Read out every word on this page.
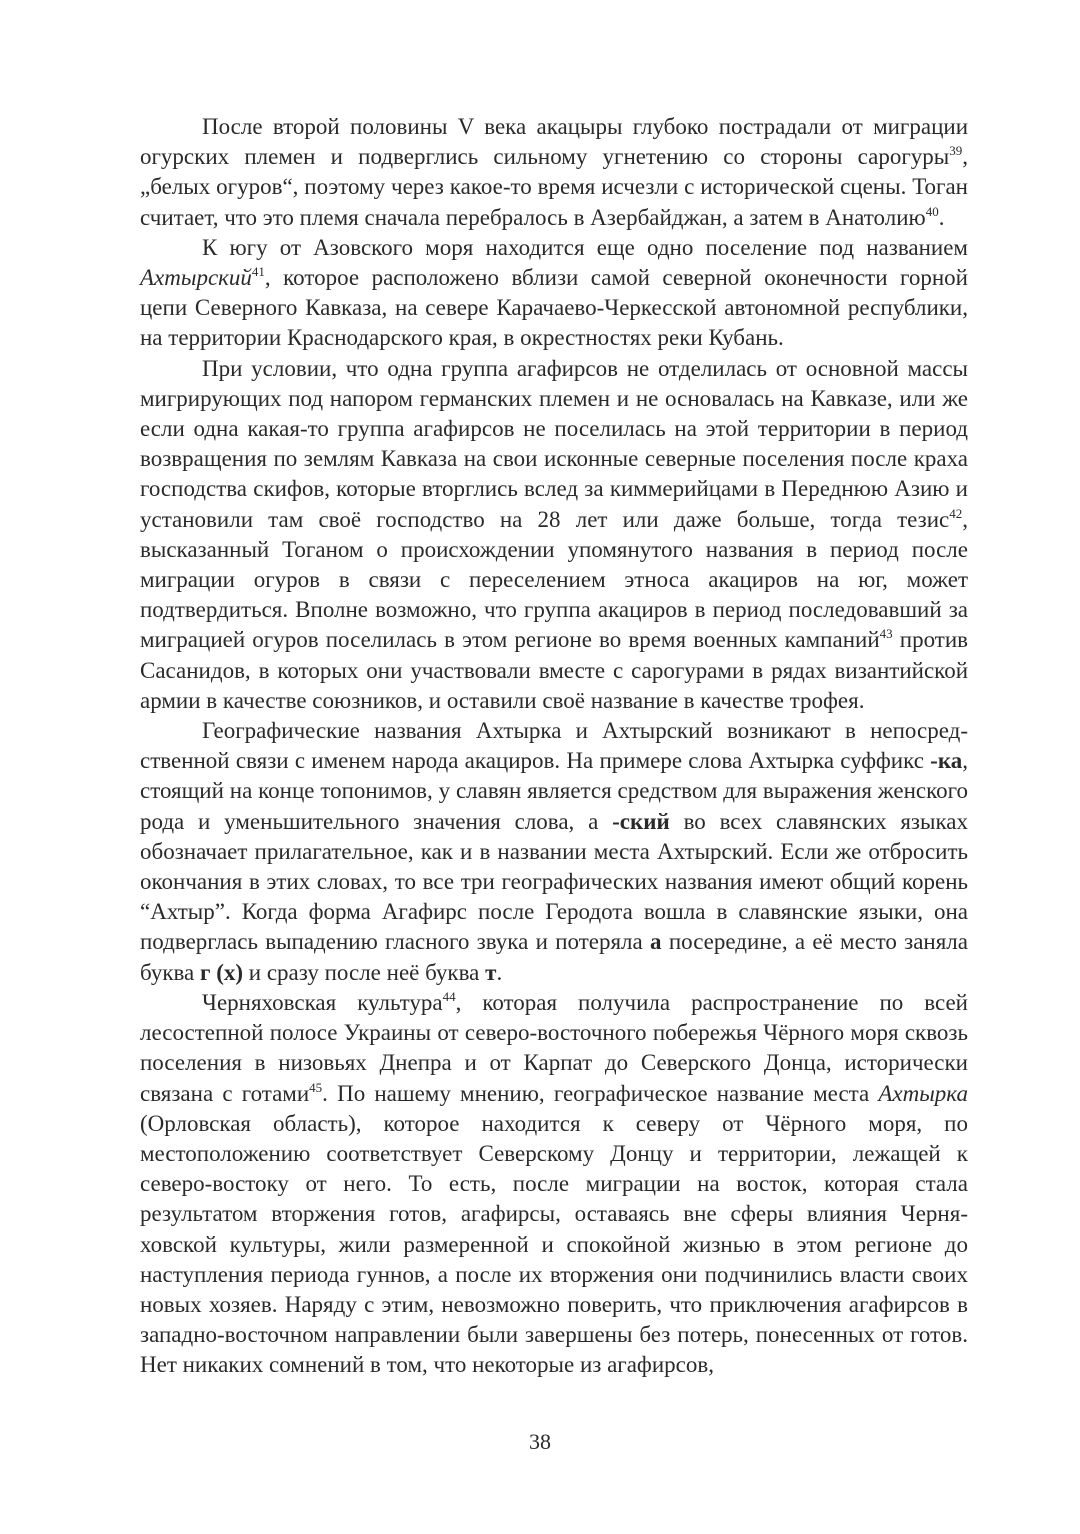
После второй половины V века акацыры глубоко пострадали от миграции огурских племен и подверглись сильному угнетению со стороны сарогуры$^{39}$, „белых огуров“, поэтому через какое-то время исчезли с исторической сцены. Тоган считает, что это племя сначала перебралось в Азербайджан, а затем в Анатолию$^{40}$.

К югу от Азовского моря находится еще одно поселение под названием Ахтырский$^{41}$, которое расположено вблизи самой северной оконечности горной цепи Северного Кавказа, на севере Карачаево-Черкесской автономной республики, на территории Краснодарского края, в окрестностях реки Кубань.

При условии, что одна группа агафирсов не отделилась от основной массы мигрирующих под напором германских племен и не основалась на Кавказе, или же если одна какая-то группа агафирсов не поселилась на этой территории в период возвращения по землям Кавказа на свои исконные северные поселения после краха господства скифов, которые вторглись вслед за киммерийцами в Переднюю Азию и установили там своё господство на 28 лет или даже больше, тогда тезис$^{42}$, высказанный Тоганом о происхождении упомянутого названия в период после миграции огуров в связи с переселением этноса акациров на юг, может подтвердиться. Вполне возможно, что группа акациров в период последовавший за миграцией огуров поселилась в этом регионе во время военных кампаний$^{43}$ против Сасанидов, в которых они участвовали вместе с сарогурами в рядах византийской армии в качестве союзников, и оставили своё название в качестве трофея.

Географические названия Ахтырка и Ахтырский возникают в непосредственной связи с именем народа акациров. На примере слова Ахтырка суффикс -ка, стоящий на конце топонимов, у славян является средством для выражения женского рода и уменьшительного значения слова, а -ский во всех славянских языках обозначает прилагательное, как и в названии места Ахтырский. Если же отбросить окончания в этих словах, то все три географических названия имеют общий корень “Ахтыр”. Когда форма Агафирс после Геродота вошла в славянские языки, она подверглась выпадению гласного звука и потеряла а посередине, а её место заняла буква г (х) и сразу после неё буква т.

Черняховская культура$^{44}$, которая получила распространение по всей лесостепной полосе Украины от северо-восточного побережья Чёрного моря сквозь поселения в низовьях Днепра и от Карпат до Северского Донца, исторически связана с готами$^{45}$. По нашему мнению, географическое название места Ахтырка (Орловская область), которое находится к северу от Чёрного моря, по местоположению соответствует Северскому Донцу и территории, лежащей к северо-востоку от него. То есть, после миграции на восток, которая стала результатом вторжения готов, агафирсы, оставаясь вне сферы влияния Черняховской культуры, жили размеренной и спокойной жизнью в этом регионе до наступления периода гуннов, а после их вторжения они подчинились власти своих новых хозяев. Наряду с этим, невозможно поверить, что приключения агафирсов в западно-восточном направлении были завершены без потерь, понесенных от готов. Нет никаких сомнений в том, что некоторые из агафирсов,

38
